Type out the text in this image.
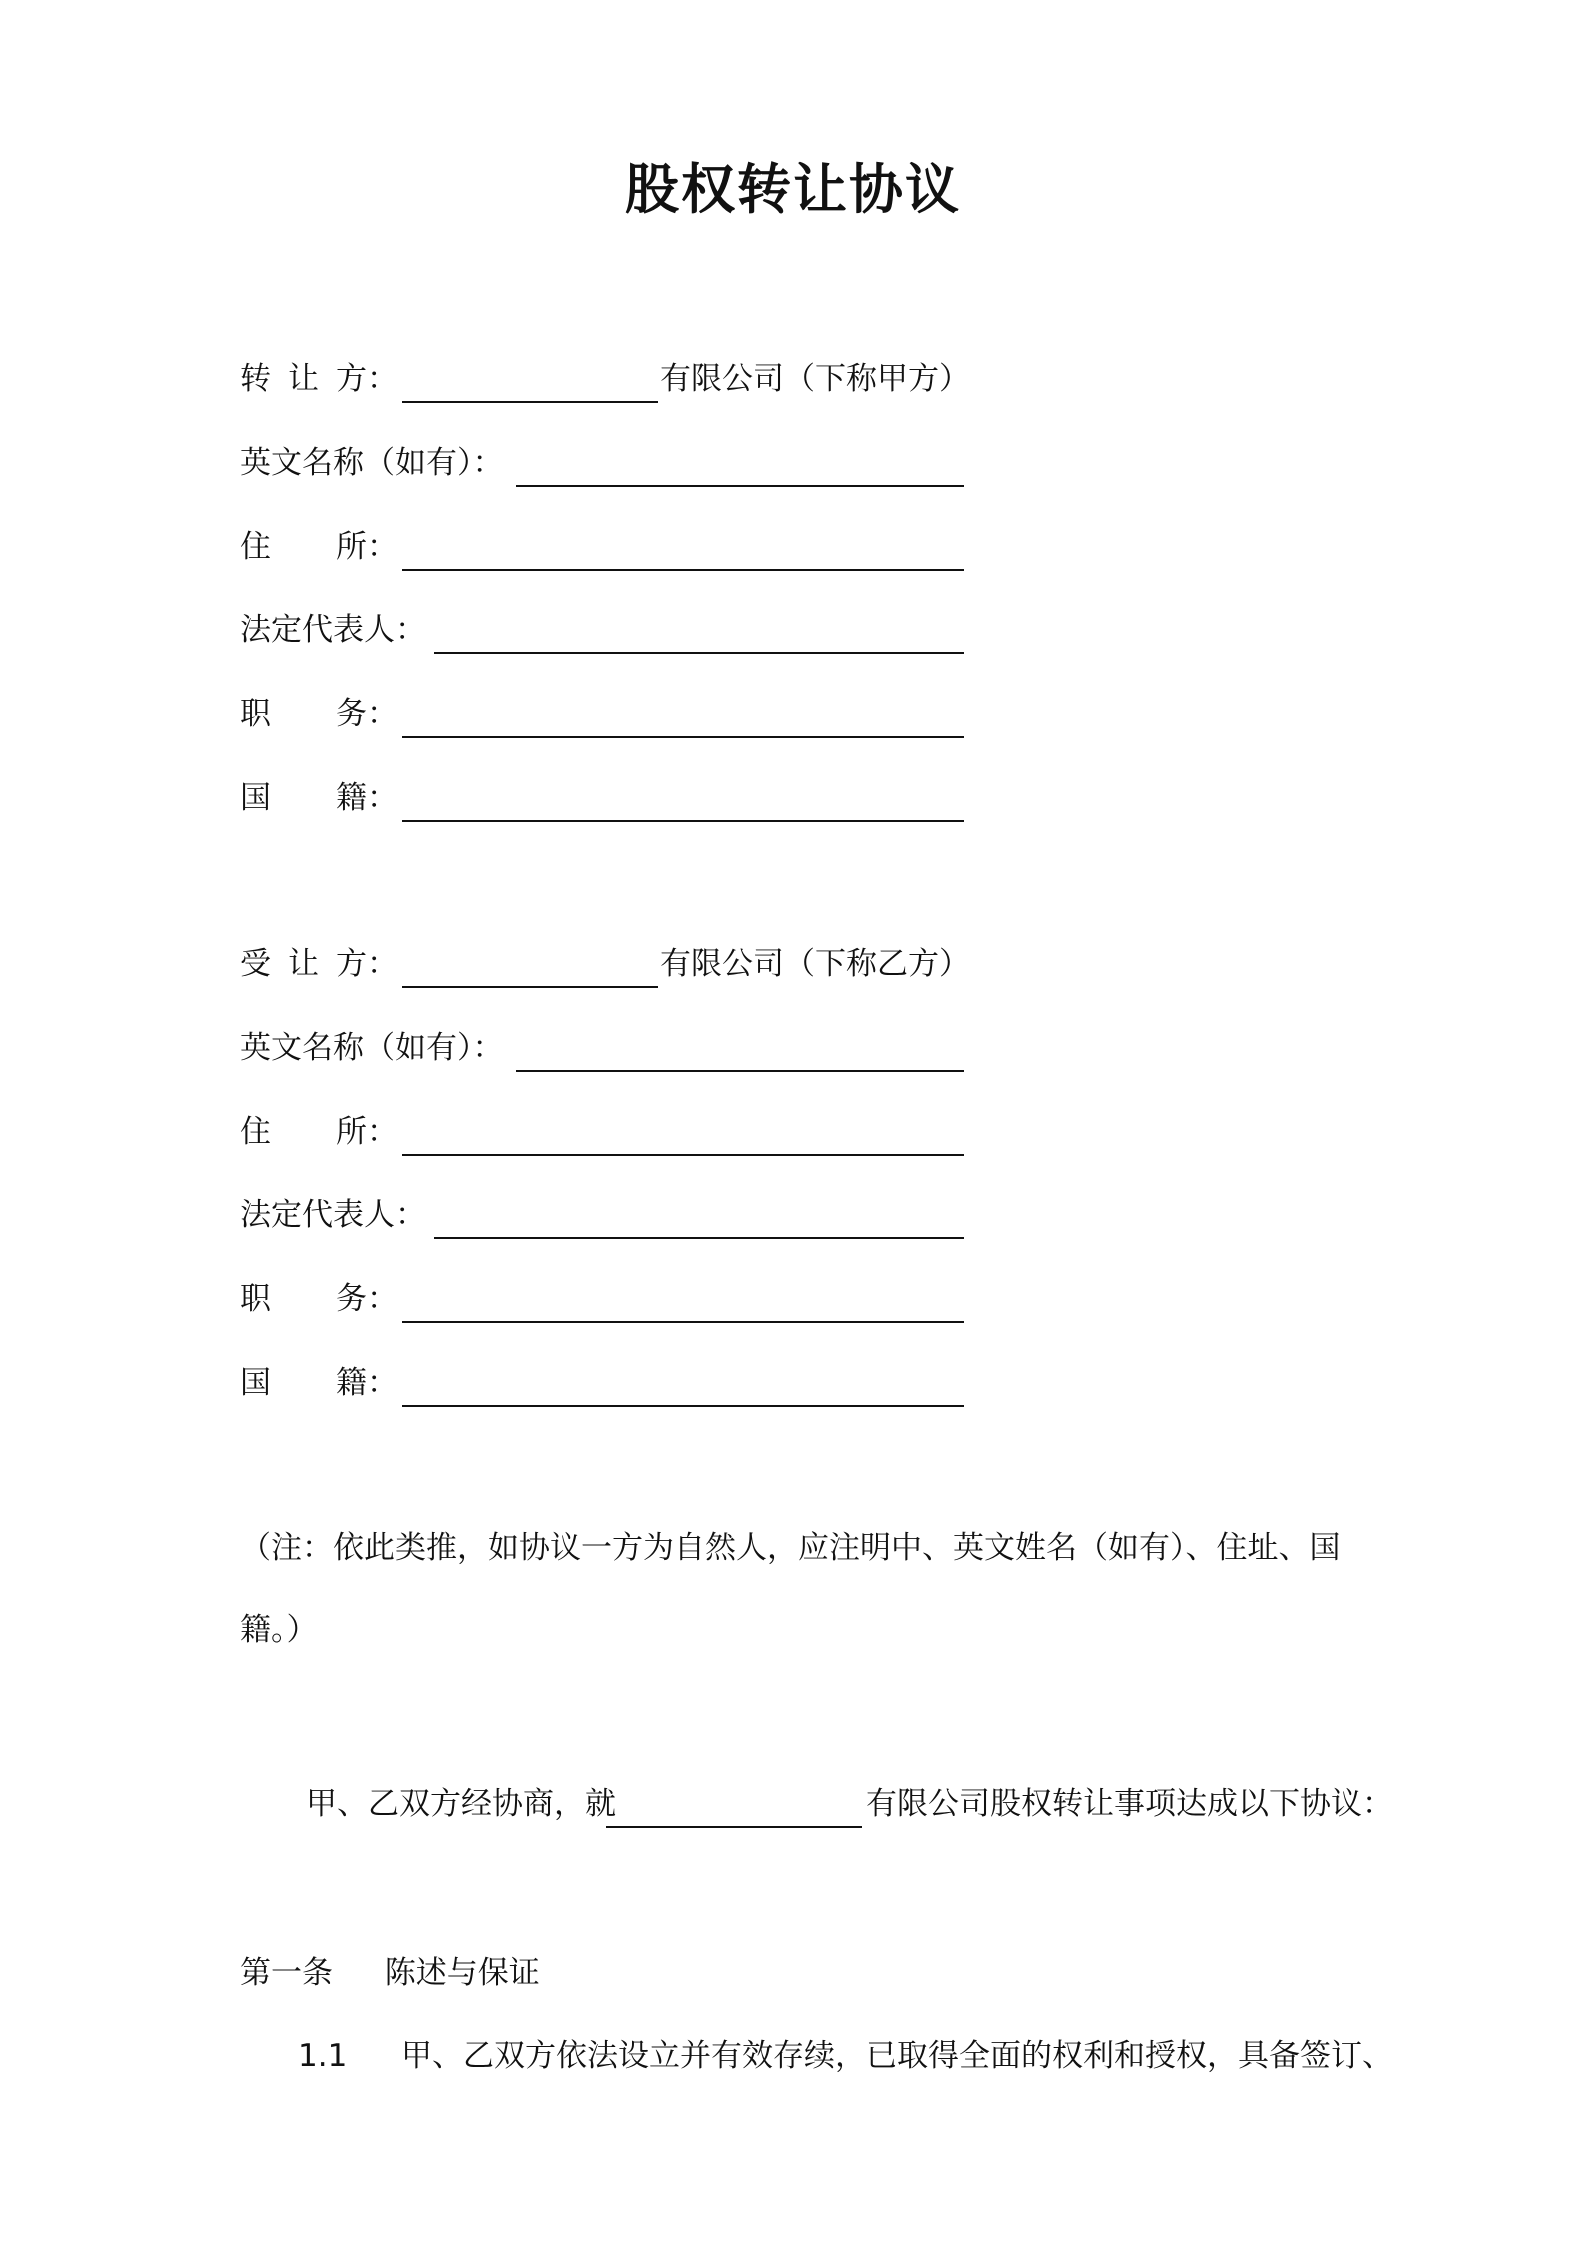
股权转让协议
转 让 方：	有限公司（下称甲方）
英文名称（如有）：
住 所：
法定代表人：
职 务：
国 籍：
受 让 方：	有限公司（下称乙方）
英文名称（如有）：
住 所：
法定代表人：
职 务：
国 籍：
（注：依此类推，如协议一方为自然人，应注明中、英文姓名（如有）、住址、国
籍。）
甲、乙双方经协商，就	有限公司股权转让事项达成以下协议：
第一条 陈述与保证
1.1 甲、乙双方依法设立并有效存续，已取得全面的权利和授权，具备签订、
